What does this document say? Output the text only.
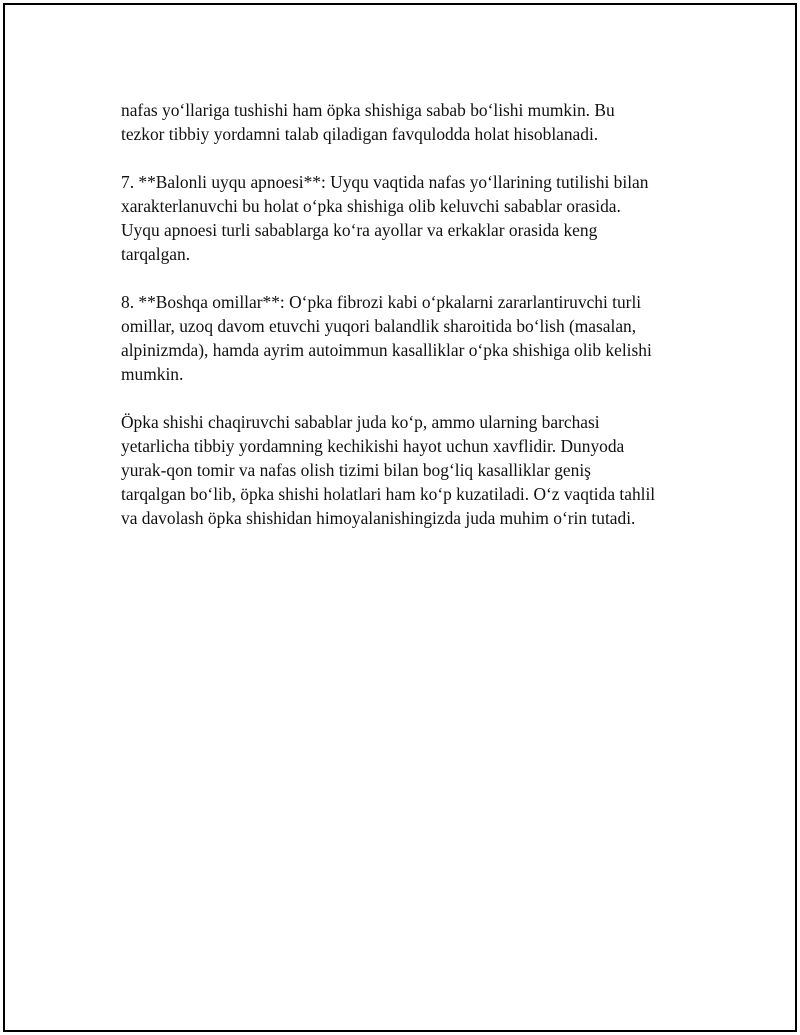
nafas yo‘llariga tushishi ham öpka shishiga sabab bo‘lishi mumkin. Bu
tezkor tibbiy yordamni talab qiladigan favqulodda holat hisoblanadi.

7. **Balonli uyqu apnoesi**: Uyqu vaqtida nafas yo‘llarining tutilishi bilan
xarakterlanuvchi bu holat o‘pka shishiga olib keluvchi sabablar orasida.
Uyqu apnoesi turli sabablarga ko‘ra ayollar va erkaklar orasida keng
tarqalgan.

8. **Boshqa omillar**: O‘pka fibrozi kabi o‘pkalarni zararlantiruvchi turli
omillar, uzoq davom etuvchi yuqori balandlik sharoitida bo‘lish (masalan,
alpinizmda), hamda ayrim autoimmun kasalliklar o‘pka shishiga olib kelishi
mumkin.

Öpka shishi chaqiruvchi sabablar juda ko‘p, ammo ularning barchasi
yetarlicha tibbiy yordamning kechikishi hayot uchun xavflidir. Dunyoda
yurak-qon tomir va nafas olish tizimi bilan bog‘liq kasalliklar geniş
tarqalgan bo‘lib, öpka shishi holatlari ham ko‘p kuzatiladi. O‘z vaqtida tahlil
va davolash öpka shishidan himoyalanishingizda juda muhim o‘rin tutadi.
